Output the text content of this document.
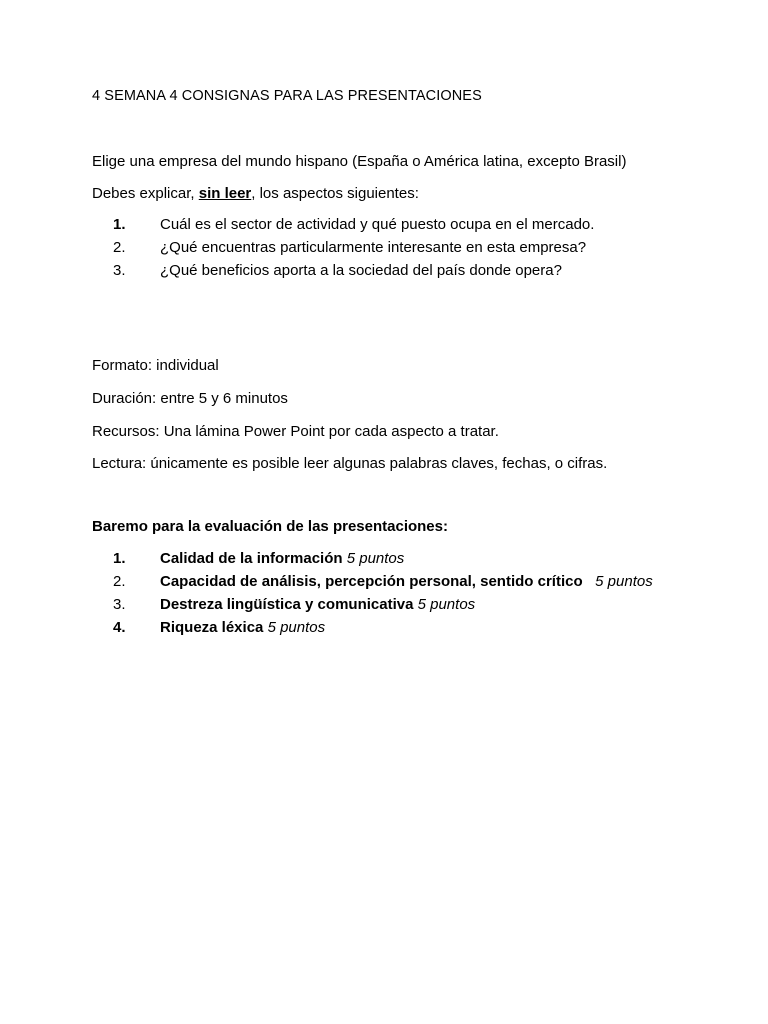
4 SEMANA 4 CONSIGNAS PARA LAS PRESENTACIONES
Elige una empresa del mundo hispano (España o América latina, excepto Brasil)
Debes explicar, sin leer, los aspectos siguientes:
1. Cuál es el sector de actividad y qué puesto ocupa en el mercado.
2. ¿Qué encuentras particularmente interesante en esta empresa?
3. ¿Qué beneficios aporta a la sociedad del país donde opera?
Formato: individual
Duración: entre 5 y 6 minutos
Recursos: Una lámina Power Point por cada aspecto a tratar.
Lectura: únicamente es posible leer algunas palabras claves, fechas, o cifras.
Baremo para la evaluación de las presentaciones:
1. Calidad de la información 5 puntos
2. Capacidad de análisis, percepción personal, sentido crítico 5 puntos
3. Destreza lingüística y comunicativa 5 puntos
4. Riqueza léxica 5 puntos
